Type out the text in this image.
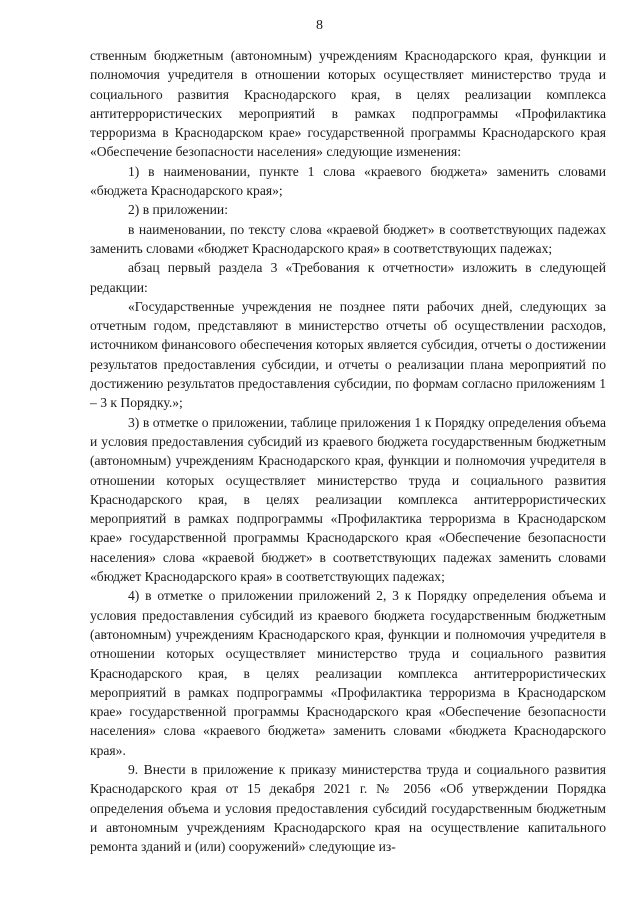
8

ственным бюджетным (автономным) учреждениям Краснодарского края, функции и полномочия учредителя в отношении которых осуществляет министерство труда и социального развития Краснодарского края, в целях реализации комплекса антитеррористических мероприятий в рамках подпрограммы «Профилактика терроризма в Краснодарском крае» государственной программы Краснодарского края «Обеспечение безопасности населения» следующие изменения:

1) в наименовании, пункте 1 слова «краевого бюджета» заменить словами «бюджета Краснодарского края»;

2) в приложении:

в наименовании, по тексту слова «краевой бюджет» в соответствующих падежах заменить словами «бюджет Краснодарского края» в соответствующих падежах;

абзац первый раздела 3 «Требования к отчетности» изложить в следующей редакции:

«Государственные учреждения не позднее пяти рабочих дней, следующих за отчетным годом, представляют в министерство отчеты об осуществлении расходов, источником финансового обеспечения которых является субсидия, отчеты о достижении результатов предоставления субсидии, и отчеты о реализации плана мероприятий по достижению результатов предоставления субсидии, по формам согласно приложениям 1 – 3 к Порядку.»;

3) в отметке о приложении, таблице приложения 1 к Порядку определения объема и условия предоставления субсидий из краевого бюджета государственным бюджетным (автономным) учреждениям Краснодарского края, функции и полномочия учредителя в отношении которых осуществляет министерство труда и социального развития Краснодарского края, в целях реализации комплекса антитеррористических мероприятий в рамках подпрограммы «Профилактика терроризма в Краснодарском крае» государственной программы Краснодарского края «Обеспечение безопасности населения» слова «краевой бюджет» в соответствующих падежах заменить словами «бюджет Краснодарского края» в соответствующих падежах;

4) в отметке о приложении приложений 2, 3 к Порядку определения объема и условия предоставления субсидий из краевого бюджета государственным бюджетным (автономным) учреждениям Краснодарского края, функции и полномочия учредителя в отношении которых осуществляет министерство труда и социального развития Краснодарского края, в целях реализации комплекса антитеррористических мероприятий в рамках подпрограммы «Профилактика терроризма в Краснодарском крае» государственной программы Краснодарского края «Обеспечение безопасности населения» слова «краевого бюджета» заменить словами «бюджета Краснодарского края».

9. Внести в приложение к приказу министерства труда и социального развития Краснодарского края от 15 декабря 2021 г. № 2056 «Об утверждении Порядка определения объема и условия предоставления субсидий государственным бюджетным и автономным учреждениям Краснодарского края на осуществление капитального ремонта зданий и (или) сооружений» следующие из-
